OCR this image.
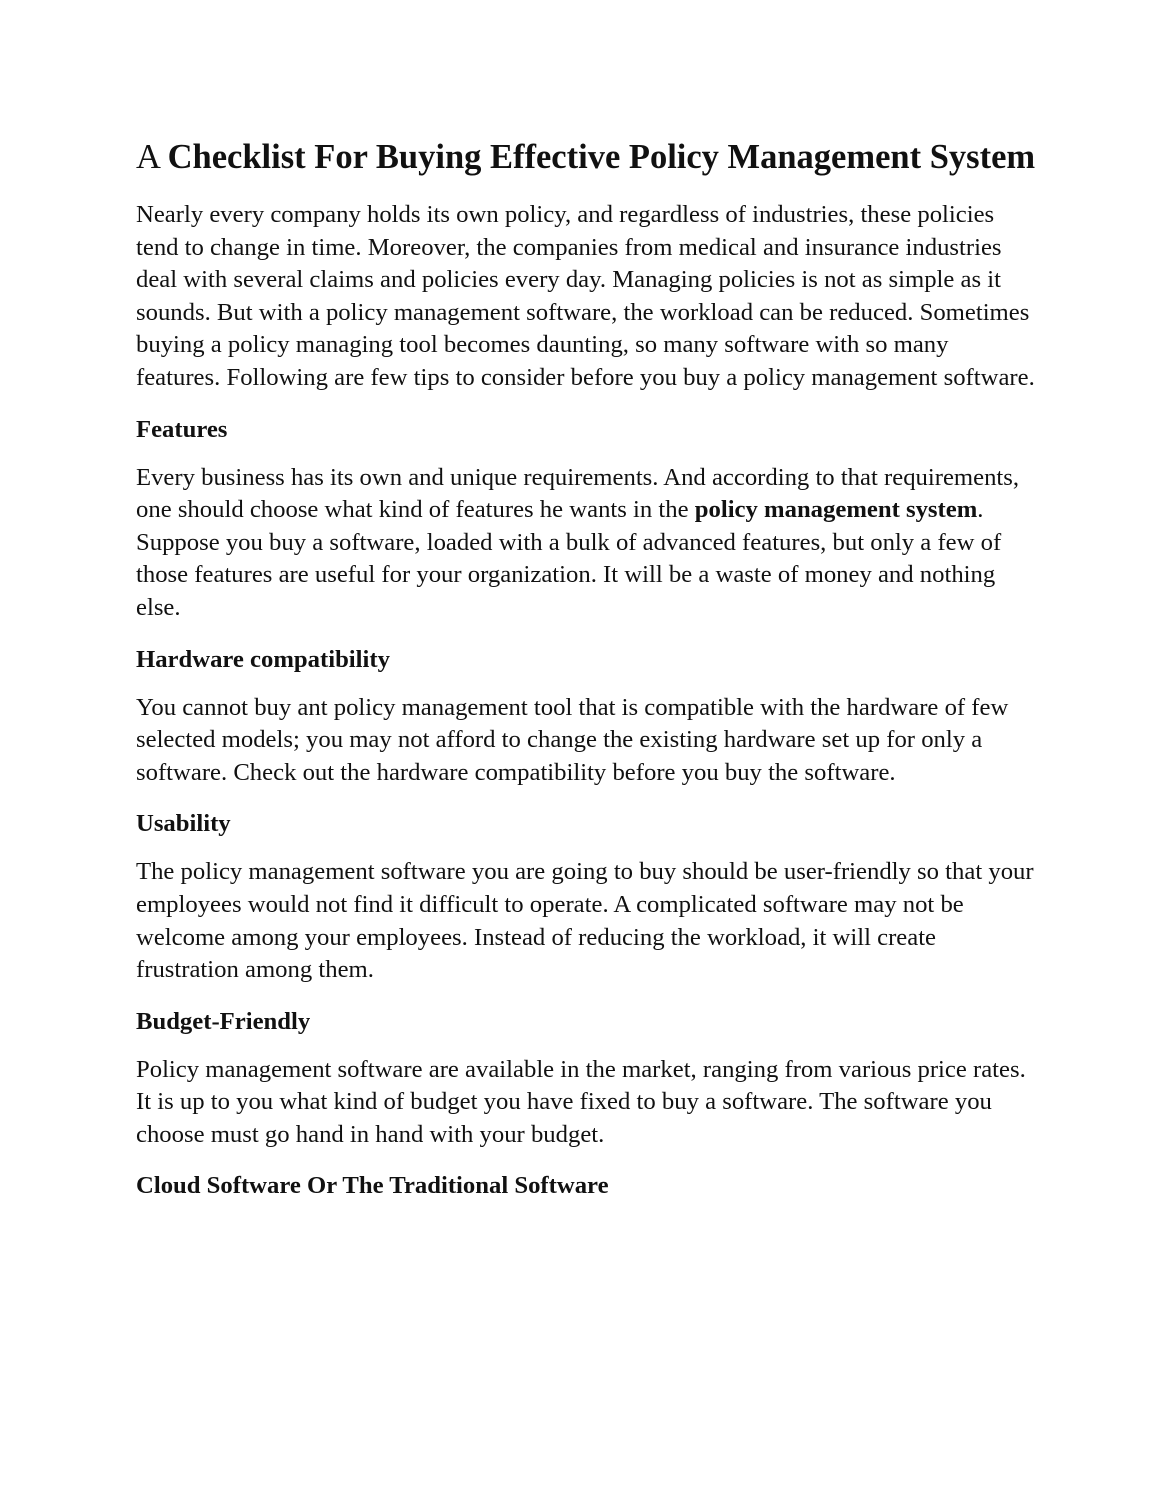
A Checklist For Buying Effective Policy Management System

Nearly every company holds its own policy, and regardless of industries, these policies tend to change in time. Moreover, the companies from medical and insurance industries deal with several claims and policies every day. Managing policies is not as simple as it sounds. But with a policy management software, the workload can be reduced. Sometimes buying a policy managing tool becomes daunting, so many software with so many features. Following are few tips to consider before you buy a policy management software.

Features

Every business has its own and unique requirements. And according to that requirements, one should choose what kind of features he wants in the policy management system. Suppose you buy a software, loaded with a bulk of advanced features, but only a few of those features are useful for your organization. It will be a waste of money and nothing else.

Hardware compatibility

You cannot buy ant policy management tool that is compatible with the hardware of few selected models; you may not afford to change the existing hardware set up for only a software. Check out the hardware compatibility before you buy the software.

Usability

The policy management software you are going to buy should be user-friendly so that your employees would not find it difficult to operate. A complicated software may not be welcome among your employees. Instead of reducing the workload, it will create frustration among them.

Budget-Friendly

Policy management software are available in the market, ranging from various price rates. It is up to you what kind of budget you have fixed to buy a software. The software you choose must go hand in hand with your budget.

Cloud Software Or The Traditional Software
